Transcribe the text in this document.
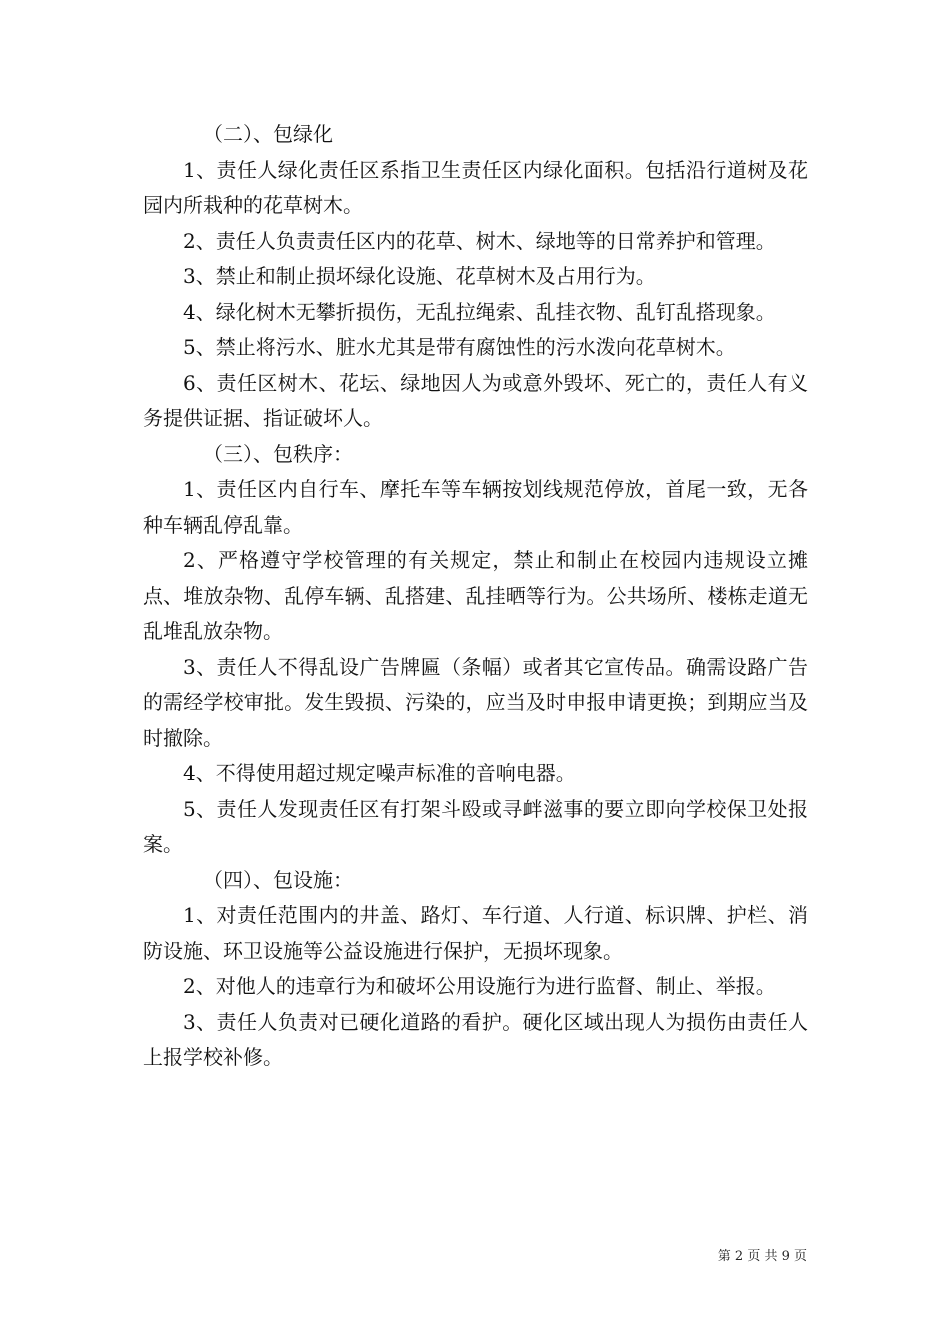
（二）、包绿化

1、责任人绿化责任区系指卫生责任区内绿化面积。包括沿行道树及花园内所栽种的花草树木。

2、责任人负责责任区内的花草、树木、绿地等的日常养护和管理。

3、禁止和制止损坏绿化设施、花草树木及占用行为。

4、绿化树木无攀折损伤，无乱拉绳索、乱挂衣物、乱钉乱搭现象。

5、禁止将污水、脏水尤其是带有腐蚀性的污水泼向花草树木。

6、责任区树木、花坛、绿地因人为或意外毁坏、死亡的，责任人有义务提供证据、指证破坏人。

（三）、包秩序：

1、责任区内自行车、摩托车等车辆按划线规范停放，首尾一致，无各种车辆乱停乱靠。

2、严格遵守学校管理的有关规定，禁止和制止在校园内违规设立摊点、堆放杂物、乱停车辆、乱搭建、乱挂晒等行为。公共场所、楼栋走道无乱堆乱放杂物。

3、责任人不得乱设广告牌匾（条幅）或者其它宣传品。确需设路广告的需经学校审批。发生毁损、污染的，应当及时申报申请更换；到期应当及时撤除。

4、不得使用超过规定噪声标准的音响电器。

5、责任人发现责任区有打架斗殴或寻衅滋事的要立即向学校保卫处报案。

（四）、包设施：

1、对责任范围内的井盖、路灯、车行道、人行道、标识牌、护栏、消防设施、环卫设施等公益设施进行保护，无损坏现象。

2、对他人的违章行为和破坏公用设施行为进行监督、制止、举报。

3、责任人负责对已硬化道路的看护。硬化区域出现人为损伤由责任人上报学校补修。

第 2 页 共 9 页
